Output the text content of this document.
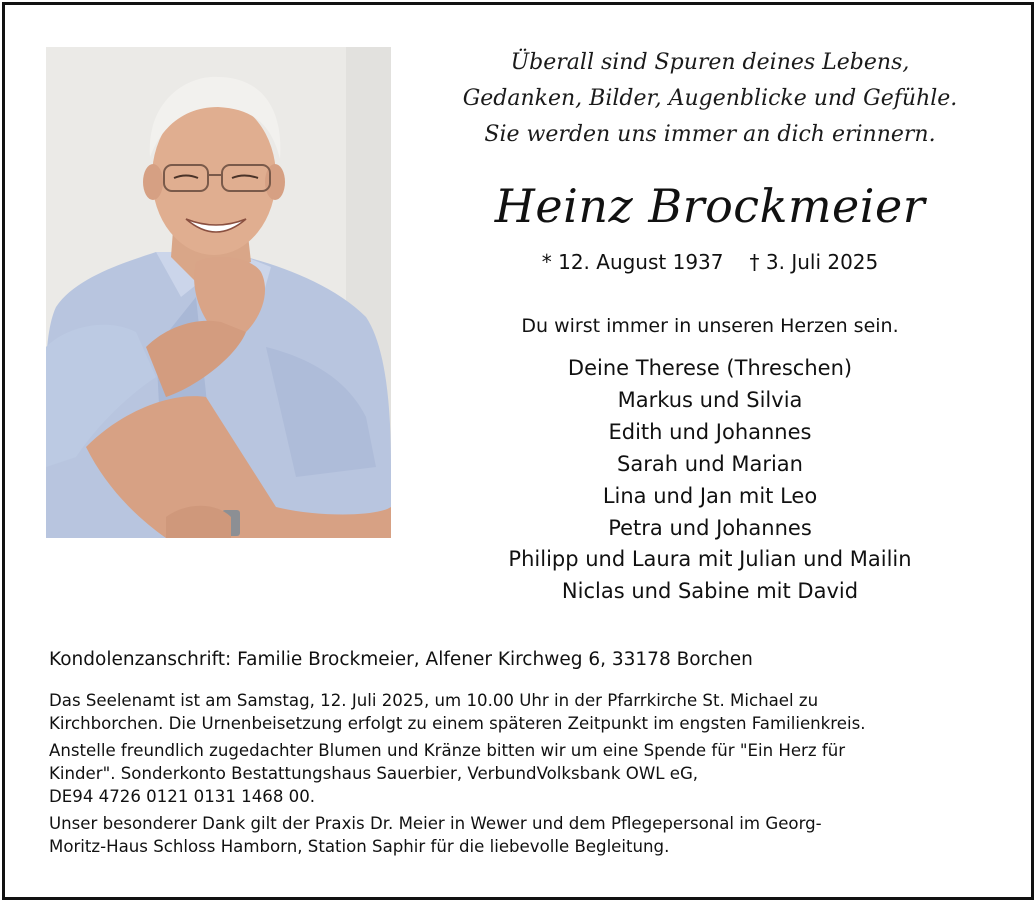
Überall sind Spuren deines Lebens,
Gedanken, Bilder, Augenblicke und Gefühle.
Sie werden uns immer an dich erinnern.
Heinz Brockmeier
* 12. August 1937 † 3. Juli 2025
Du wirst immer in unseren Herzen sein.
Deine Therese (Threschen)
Markus und Silvia
Edith und Johannes
Sarah und Marian
Lina und Jan mit Leo
Petra und Johannes
Philipp und Laura mit Julian und Mailin
Niclas und Sabine mit David
Kondolenzanschrift: Familie Brockmeier, Alfener Kirchweg 6, 33178 Borchen

Das Seelenamt ist am Samstag, 12. Juli 2025, um 10.00 Uhr in der Pfarrkirche St. Michael zu
Kirchborchen. Die Urnenbeisetzung erfolgt zu einem späteren Zeitpunkt im engsten Familienkreis.

Anstelle freundlich zugedachter Blumen und Kränze bitten wir um eine Spende für "Ein Herz für
Kinder". Sonderkonto Bestattungshaus Sauerbier, VerbundVolksbank OWL eG,
DE94 4726 0121 0131 1468 00.

Unser besonderer Dank gilt der Praxis Dr. Meier in Wewer und dem Pflegepersonal im Georg-
Moritz-Haus Schloss Hamborn, Station Saphir für die liebevolle Begleitung.
